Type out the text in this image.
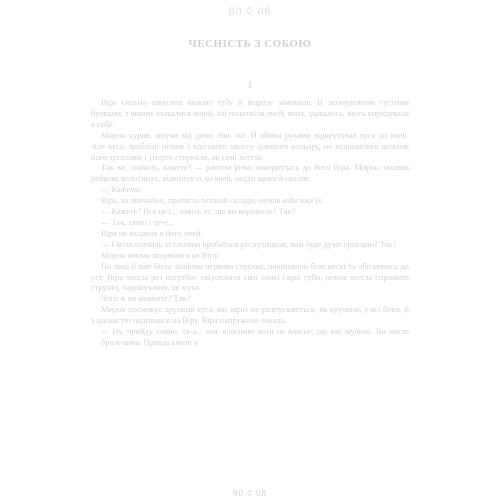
80 ◊ 08
ЧЕСНІСТЬ З СОБОЮ
1

Віра сильно закусила нижню губу й відразу замовкла. В захмуреними густими бровами, з якими зливалися чорні, злі полотніли очей, вона, здавалось, щось вирішувала в собі.

Мирон курив, мнучи від диму лінь очі. Й обома руками відкручував вуса до очей. Але вуса, зроблені немов з кінського хвосту іржавого кольору, не відвалилися шляхом його зусиллям і уперто стирчали, як самі хотіли.

Так ви, значить, кажете? — раптом різко повернулась до його Віра. Мирон заховав рейкова волосинах, відкинув із до очей, надув щоки й сказав:

— Кажемо.

Віра, як звичайно, протягла останні склади, немов ніби вже їх.

— Кажете? Все це і... навіть те, що ви вирішили? Так?

— Так, хижо і це-е...

Віра не входила в його очей.

— І коли кінчиль остаточно вробиться роскутинком, вам буде дуже приємно? Так?

Мирон мигом подивився на Віру.

По лиці її вже бігла знайома нервова струнка, починаючи біля вискі та обігаючись до уст. Віра хотіла раз потрібне закусювала свої тонкі гарні губи, немов хотіла спримати струнку, надокучливу, як муха.

Чого ж ви мовчите? Так?

Мирон посмикує хрупкий вуса, які зараз же розпускаються, як кручини, у всі боки, й з цікавістю подивився на Віру. Віра напружено чекала.

— Ну, прийду сниво, та-а... хоч, власниве мені не власне, що вас мучить. Ви маєте бра-в-вина. Правда кімон у

80 ◊ 08
